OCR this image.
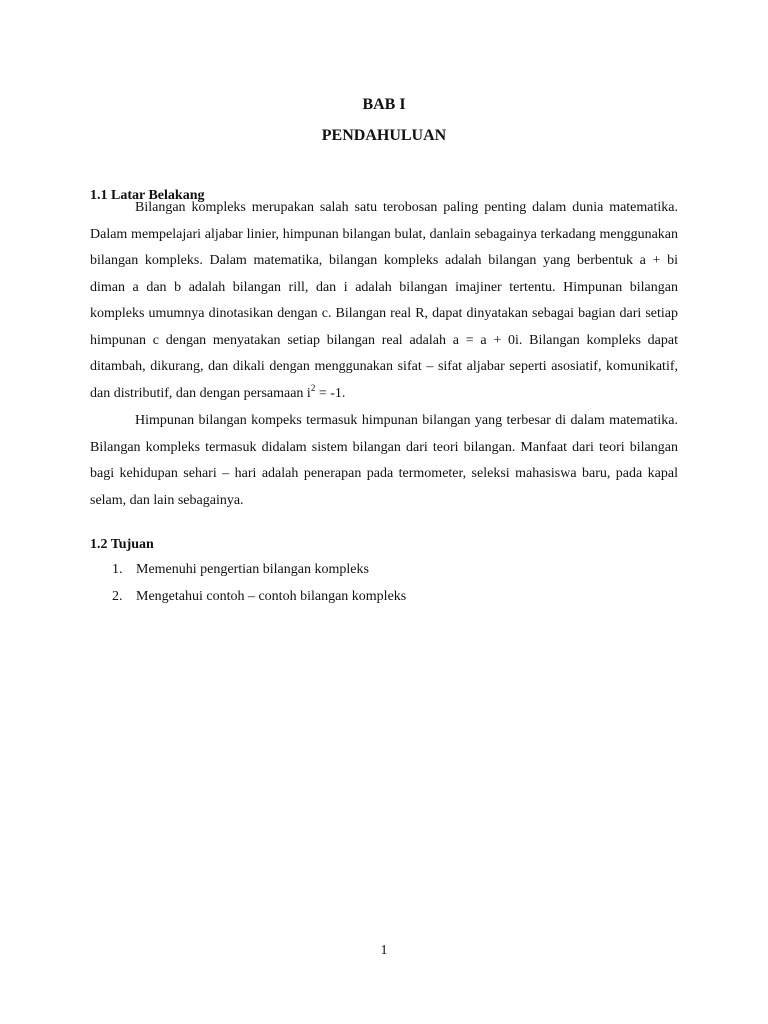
BAB I
PENDAHULUAN
1.1 Latar Belakang

Bilangan kompleks merupakan salah satu terobosan paling penting dalam dunia matematika. Dalam mempelajari aljabar linier, himpunan bilangan bulat, danlain sebagainya terkadang menggunakan bilangan kompleks. Dalam matematika, bilangan kompleks adalah bilangan yang berbentuk a + bi diman a dan b adalah bilangan rill, dan i adalah bilangan imajiner tertentu. Himpunan bilangan kompleks umumnya dinotasikan dengan c. Bilangan real R, dapat dinyatakan sebagai bagian dari setiap himpunan c dengan menyatakan setiap bilangan real adalah a = a + 0i. Bilangan kompleks dapat ditambah, dikurang, dan dikali dengan menggunakan sifat – sifat aljabar seperti asosiatif, komunikatif, dan distributif, dan dengan persamaan $i^2 = -1$.

Himpunan bilangan kompeks termasuk himpunan bilangan yang terbesar di dalam matematika. Bilangan kompleks termasuk didalam sistem bilangan dari teori bilangan. Manfaat dari teori bilangan bagi kehidupan sehari – hari adalah penerapan pada termometer, seleksi mahasiswa baru, pada kapal selam, dan lain sebagainya.

1.2 Tujuan
1. Memenuhi pengertian bilangan kompleks
2. Mengetahui contoh – contoh bilangan kompleks
1
